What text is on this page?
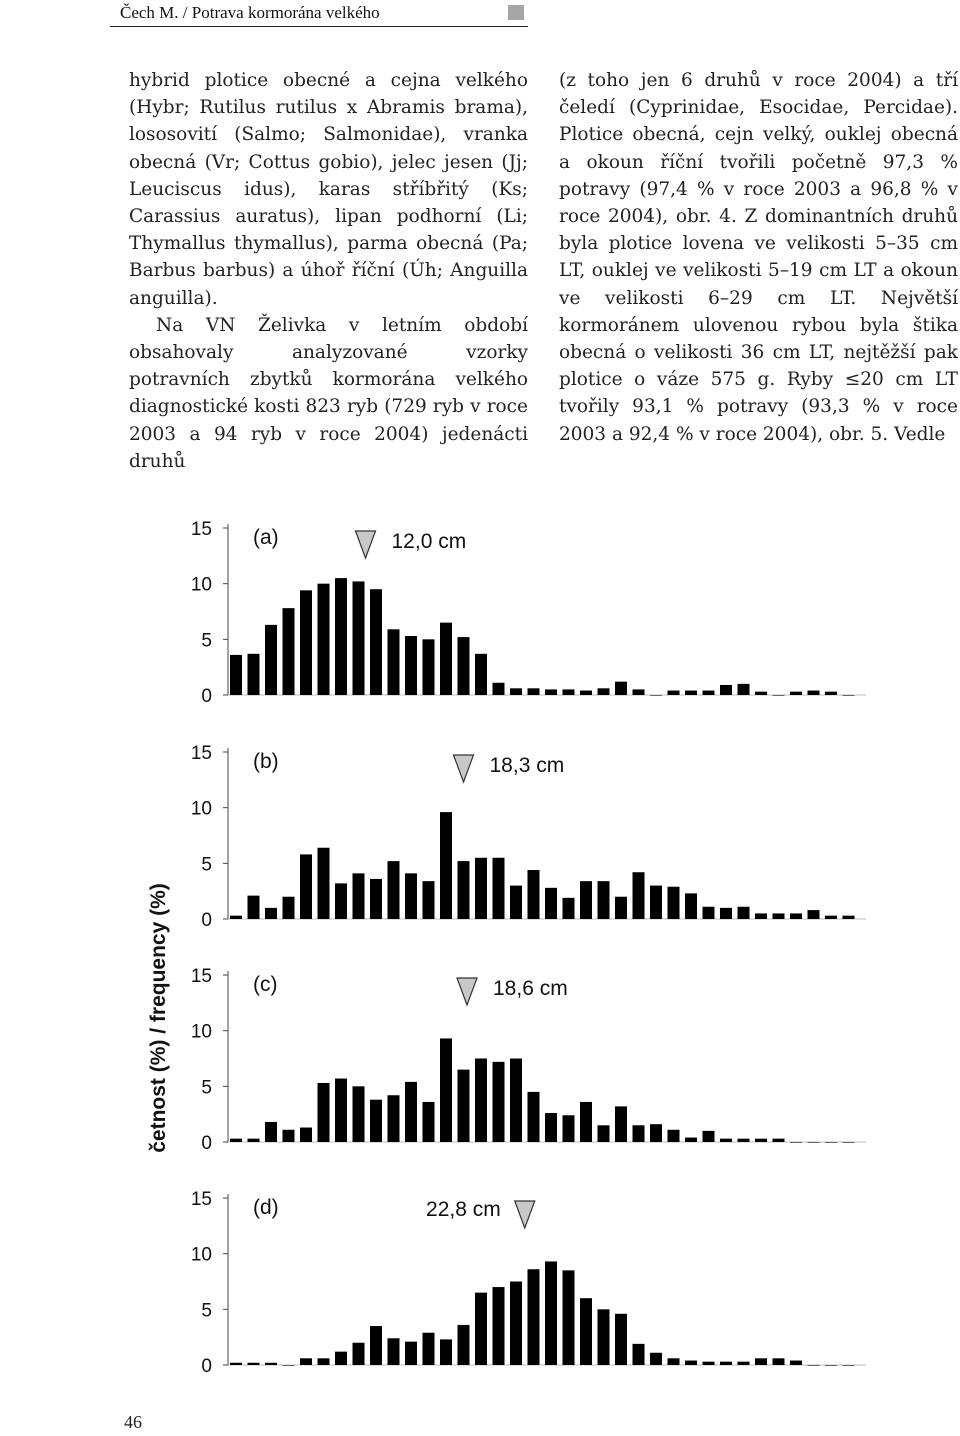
Čech M. / Potrava kormorána velkého

hybrid plotice obecné a cejna velkého (Hybr; Rutilus rutilus x Abramis brama), lososovití (Salmo; Salmonidae), vranka obecná (Vr; Cottus gobio), jelec jesen (Jj; Leuciscus idus), karas stříbřitý (Ks; Carassius auratus), lipan podhorní (Li; Thymallus thymallus), parma obecná (Pa; Barbus barbus) a úhoř říční (Úh; Anguilla anguilla).

Na VN Želivka v letním období obsahovaly analyzované vzorky potravních zbytků kormorána velkého diagnostické kosti 823 ryb (729 ryb v roce 2003 a 94 ryb v roce 2004) jedenácti druhů

(z toho jen 6 druhů v roce 2004) a tří čeledí (Cyprinidae, Esocidae, Percidae). Plotice obecná, cejn velký, ouklej obecná a okoun říční tvořili početně 97,3 % potravy (97,4 % v roce 2003 a 96,8 % v roce 2004), obr. 4. Z dominantních druhů byla plotice lovena ve velikosti 5–35 cm LT, ouklej ve velikosti 5–19 cm LT a okoun ve velikosti 6–29 cm LT. Největší kormoránem ulovenou rybou byla štika obecná o velikosti 36 cm LT, nejtěžší pak plotice o váze 575 g. Ryby ≤20 cm LT tvořily 93,1 % potravy (93,3 % v roce 2003 a 92,4 % v roce 2004), obr. 5. Vedle

0
5
10
15 (a)	12,0 cm
0
5
10
15 (b)	18,3 cm
0
5
10
15 (c)	18,6 cm
0
5
10
15 (d)	22,8 cm
četnost (%) / frequency (%)
46
